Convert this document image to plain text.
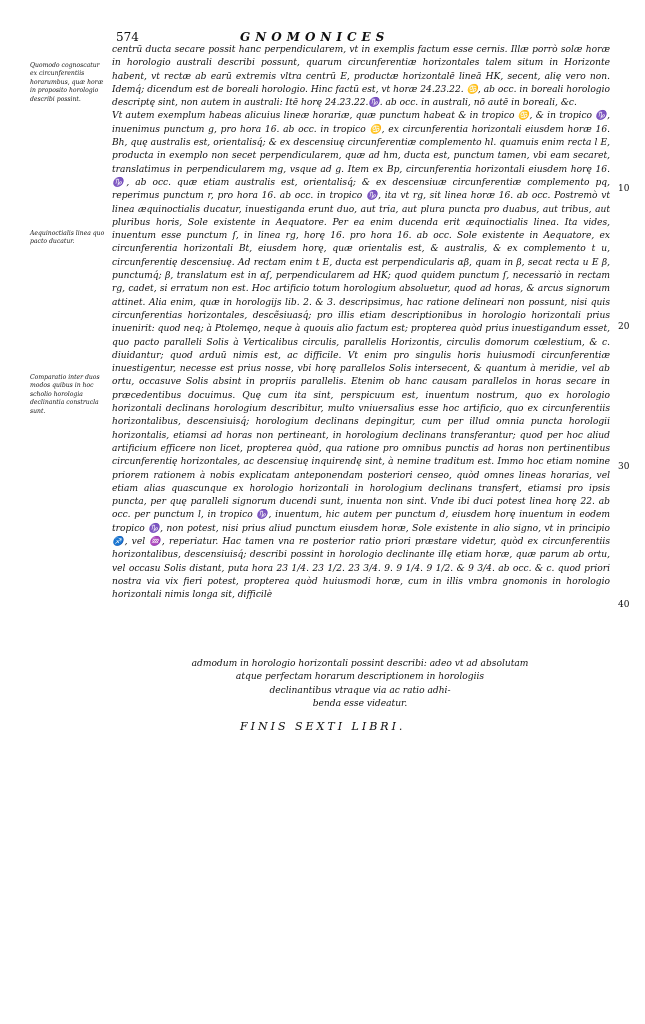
574	GNOMONICES
Quomodo cognoscatur ex circunferentiis horarumbus, quæ horæ in proposito horologio describi possint.
Aequinoctialis linea quo pacto ducatur.
Comparatio inter duos modos quibus in hoc scholio horologia declinantia construcla sunt.
10
20
30
40

centrū ducta secare possit hanc perpendicularem, vt in exemplis factum esse cernis. Illæ porrò solæ horæ in horologio australi describi possunt, quarum circunferentiæ horizontales talem situm in Horizonte habent, vt rectæ ab earū extremis vltra centrū E, productæ horizontalē lineā HK, secent, alię vero non. Idemq́; dicendum est de boreali horologio. Hinc factū est, vt horæ 24.23.22. ♋, ab occ. in boreali horologio descriptę sint, non autem in australi: Itē horę 24.23.22.♑. ab occ. in australi, nō autē in boreali, &c.
Vt autem exemplum habeas alicuius lineæ horariæ, quæ punctum habeat & in tropico ♋, & in tropico ♑, inuenimus punctum g, pro hora 16. ab occ. in tropico ♋, ex circunferentia horizontali eiusdem horæ 16. Bh, quę australis est, orientalisq́; & ex descensiuę circunferentiæ complemento hl. quamuis enim recta l E, producta in exemplo non secet perpendicularem, quæ ad hm, ducta est, punctum tamen, vbi eam secaret, translatimus in perpendicularem mg, vsque ad g. Item ex Bp, circunferentia horizontali eiusdem horę 16. ♑, ab occ. quæ etiam australis est, orientalisq́; & ex descensiuæ circunferentiæ complemento pq, reperimus punctum r, pro hora 16. ab occ. in tropico ♑, ita vt rg, sit linea horæ 16. ab occ. Postremò vt linea æquinoctialis ducatur, inuestiganda erunt duo, aut tria, aut plura puncta pro duabus, aut tribus, aut pluribus horis, Sole existente in Aequatore. Per ea enim ducenda erit æquinoctialis linea. Ita vides, inuentum esse punctum ſ, in linea rg, horę 16. pro hora 16. ab occ. Sole existente in Aequatore, ex circunferentia horizontali Bt, eiusdem horę, quæ orientalis est, & australis, & ex complemento t u, circunferentię descensiuę. Ad rectam enim t E, ducta est perpendicularis αβ, quam in β, secat recta u E β, punctumq́; β, translatum est in αſ, perpendicularem ad HK; quod quidem punctum ſ, necessariò in rectam rg, cadet, si erratum non est. Hoc artificio totum horologium absoluetur, quod ad horas, & arcus signorum attinet. Alia enim, quæ in horologijs lib. 2. & 3. descripsimus, hac ratione delineari non possunt, nisi quis circunferentias horizontales, descẽsiuasq́; pro illis etiam descriptionibus in horologio horizontali prius inuenirit: quod neq; à Ptolemęo, neque à quouis alio factum est; propterea quòd prius inuestigandum esset, quo pacto paralleli Solis à Verticalibus circulis, parallelis Horizontis, circulis domorum cœlestium, & c. diuidantur; quod arduū nimis est, ac difficile. Vt enim pro singulis horis huiusmodi circunferentiæ inuestigentur, necesse est prius nosse, vbi horę parallelos Solis intersecent, & quantum à meridie, vel ab ortu, occasuve Solis absint in propriis parallelis. Etenim ob hanc causam parallelos in horas secare in præcedentibus docuimus. Quę cum ita sint, perspicuum est, inuentum nostrum, quo ex horologio horizontali declinans horologium describitur, multo vniuersalius esse hoc artificio, quo ex circunferentiis horizontalibus, descensiuisq́; horologium declinans depingitur, cum per illud omnia puncta horologii horizontalis, etiamsi ad horas non pertineant, in horologium declinans transferantur; quod per hoc aliud artificium efficere non licet, propterea quòd, qua ratione pro omnibus punctis ad horas non pertinentibus circunferentię horizontales, ac descensiuę inquirendę sint, à nemine traditum est. Immo hoc etiam nomine priorem rationem à nobis explicatam anteponendam posteriori censeo, quòd omnes lineas horarias, vel etiam alias quascunque ex horologio horizontali in horologium declinans transfert, etiamsi pro ipsis puncta, per quę paralleli signorum ducendi sunt, inuenta non sint. Vnde ibi duci potest linea horę 22. ab occ. per punctum l, in tropico ♑, inuentum, hic autem per punctum d, eiusdem horę inuentum in eodem tropico ♑, non potest, nisi prius aliud punctum eiusdem horæ, Sole existente in alio signo, vt in principio ♐, vel ♒, reperiatur. Hac tamen vna re posterior ratio priori præstare videtur, quòd ex circunferentiis horizontalibus, descensiuisq́; describi possint in horologio declinante illę etiam horæ, quæ parum ab ortu, vel occasu Solis distant, puta hora 23 1/4. 23 1/2. 23 3/4. 9. 9 1/4. 9 1/2. & 9 3/4. ab occ. & c. quod priori nostra via vix fieri potest, propterea quòd huiusmodi horæ, cum in illis vmbra gnomonis in horologio horizontali nimis longa sit, difficilè

admodum in horologio horizontali possint describi: adeo vt ad absolutam
atque perfectam horarum descriptionem in horologiis
declinantibus vtraque via ac ratio adhi-
benda esse videatur.

FINIS SEXTI LIBRI.
